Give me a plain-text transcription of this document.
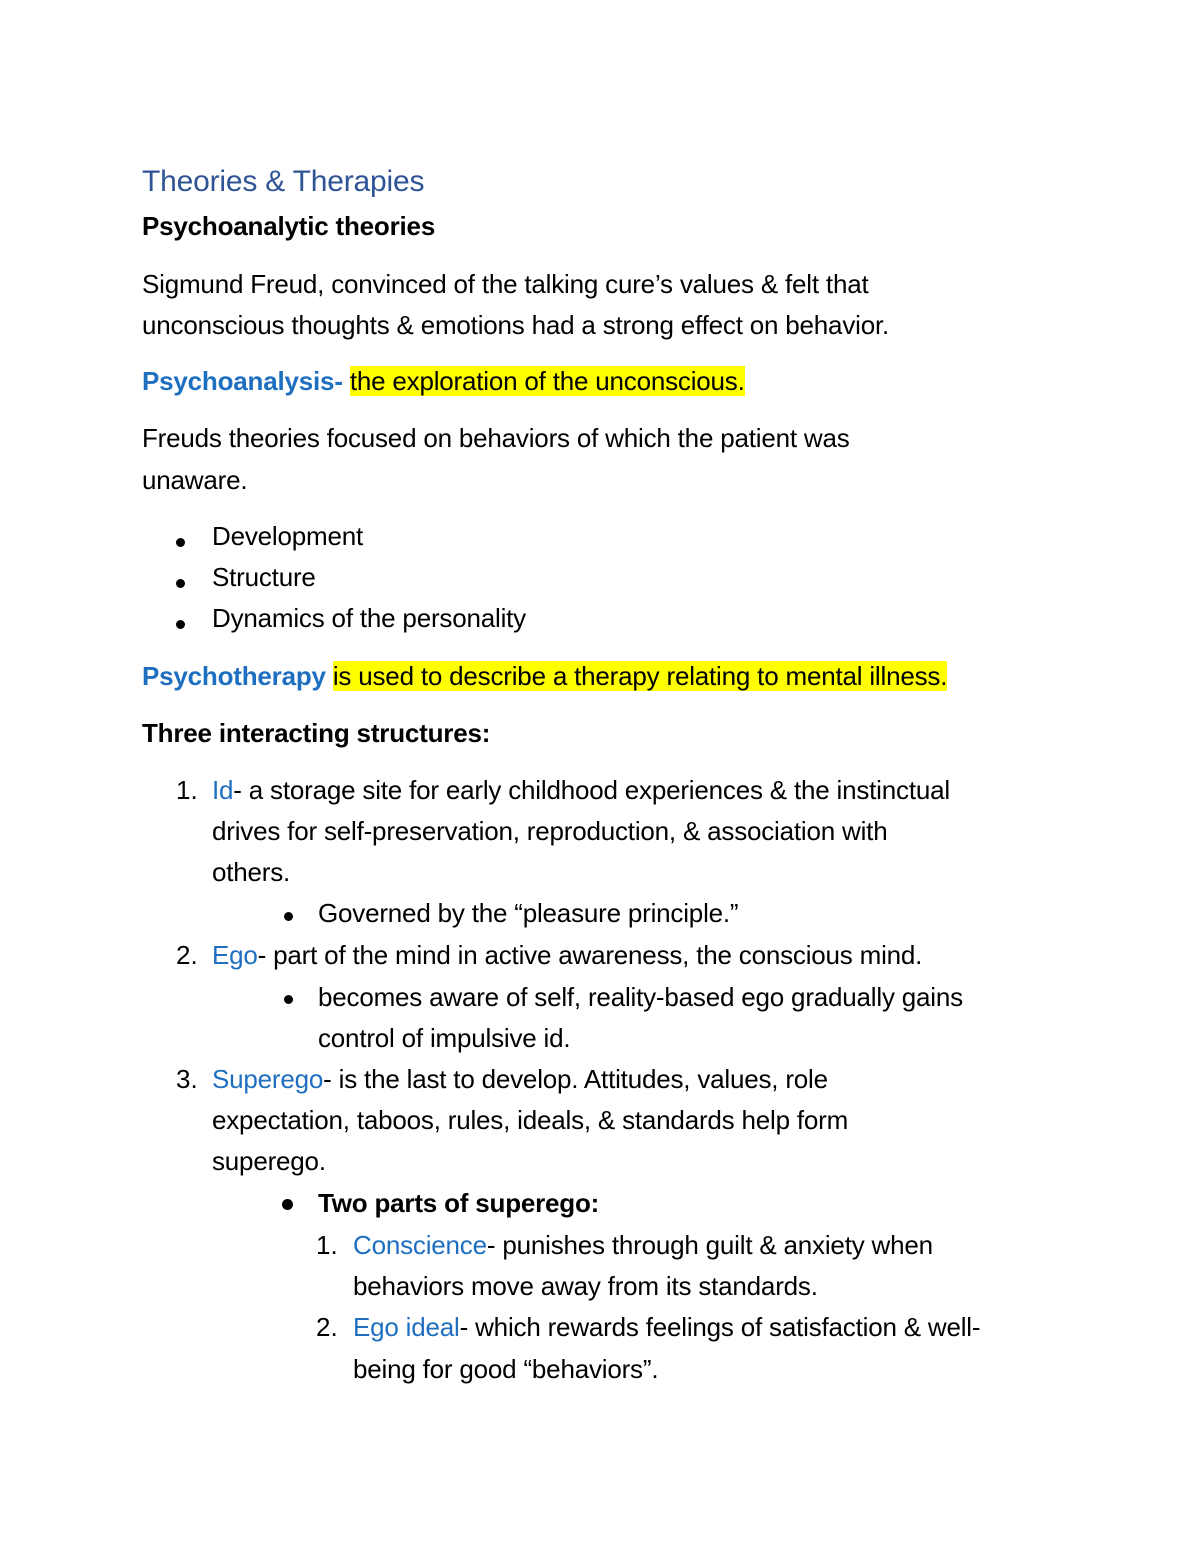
Theories & Therapies
Psychoanalytic theories
Sigmund Freud, convinced of the talking cure’s values & felt that
unconscious thoughts & emotions had a strong effect on behavior.
Psychoanalysis- the exploration of the unconscious.
Freuds theories focused on behaviors of which the patient was
unaware.
Development
Structure
Dynamics of the personality
Psychotherapy is used to describe a therapy relating to mental illness.
Three interacting structures:
1. Id- a storage site for early childhood experiences & the instinctual
drives for self-preservation, reproduction, & association with
others.
Governed by the “pleasure principle.”
2. Ego- part of the mind in active awareness, the conscious mind.
becomes aware of self, reality-based ego gradually gains
control of impulsive id.
3. Superego- is the last to develop. Attitudes, values, role
expectation, taboos, rules, ideals, & standards help form
superego.
Two parts of superego:
1. Conscience- punishes through guilt & anxiety when
behaviors move away from its standards.
2. Ego ideal- which rewards feelings of satisfaction & well-
being for good “behaviors”.
